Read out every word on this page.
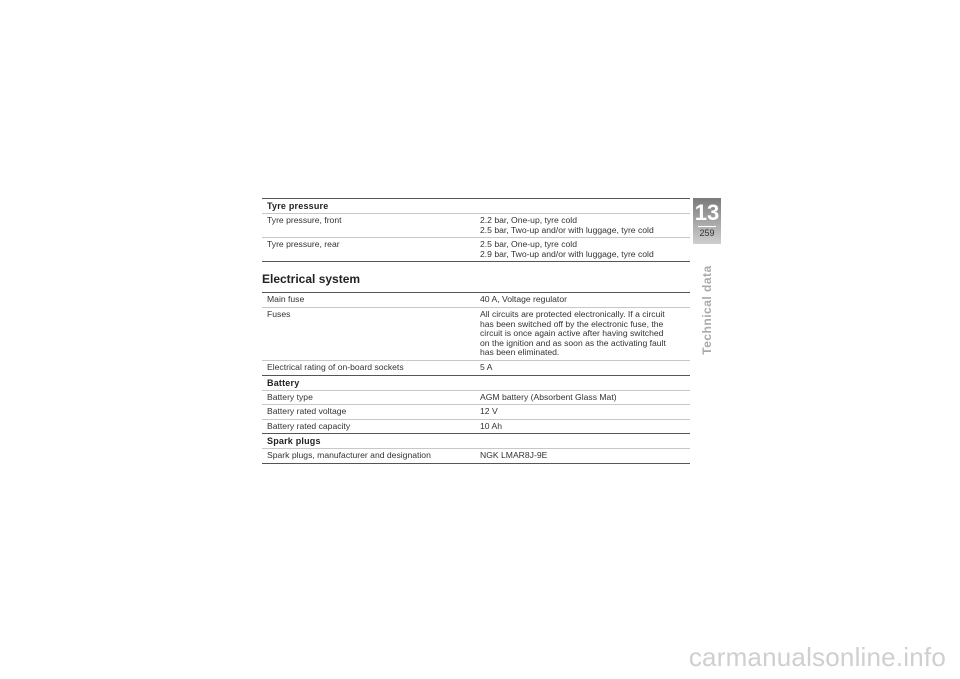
Tyre pressure
Tyre pressure, front	2.2 bar, One-up, tyre cold
2.5 bar, Two-up and/or with luggage, tyre cold
Tyre pressure, rear	2.5 bar, One-up, tyre cold
2.9 bar, Two-up and/or with luggage, tyre cold
Electrical system
Main fuse	40 A, Voltage regulator
Fuses	All circuits are protected electronically. If a circuit
has been switched off by the electronic fuse, the
circuit is once again active after having switched
on the ignition and as soon as the activating fault
has been eliminated.
Electrical rating of on-board sockets	5 A
Battery
Battery type	AGM battery (Absorbent Glass Mat)
Battery rated voltage	12 V
Battery rated capacity	10 Ah
Spark plugs
Spark plugs, manufacturer and designation	NGK LMAR8J-9E
13
259
Technical data
carmanualsonline.info
